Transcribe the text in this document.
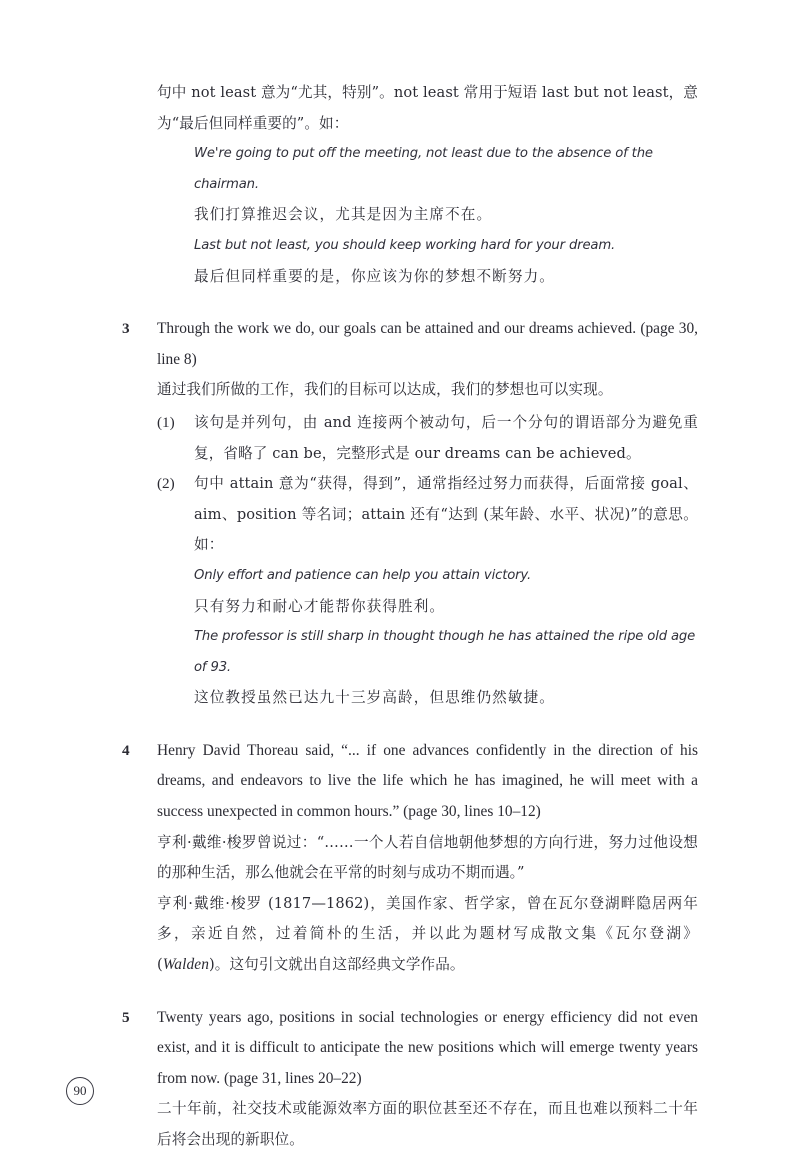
句中 not least 意为“尤其，特别”。not least 常用于短语 last but not least，意为“最后但同样重要的”。如：

We're going to put off the meeting, not least due to the absence of the chairman.

我们打算推迟会议，尤其是因为主席不在。

Last but not least, you should keep working hard for your dream.

最后但同样重要的是，你应该为你的梦想不断努力。

3 Through the work we do, our goals can be attained and our dreams achieved. (page 30, line 8)

通过我们所做的工作，我们的目标可以达成，我们的梦想也可以实现。

(1) 该句是并列句，由 and 连接两个被动句，后一个分句的谓语部分为避免重复，省略了 can be，完整形式是 our dreams can be achieved。

(2) 句中 attain 意为“获得，得到”，通常指经过努力而获得，后面常接 goal、aim、position 等名词；attain 还有“达到 (某年龄、水平、状况)”的意思。如：

Only effort and patience can help you attain victory.

只有努力和耐心才能帮你获得胜利。

The professor is still sharp in thought though he has attained the ripe old age of 93.

这位教授虽然已达九十三岁高龄，但思维仍然敏捷。

4 Henry David Thoreau said, “... if one advances confidently in the direction of his dreams, and endeavors to live the life which he has imagined, he will meet with a success unexpected in common hours.” (page 30, lines 10–12)

亨利·戴维·梭罗曾说过：“……一个人若自信地朝他梦想的方向行进，努力过他设想的那种生活，那么他就会在平常的时刻与成功不期而遇。”

亨利·戴维·梭罗 (1817—1862)，美国作家、哲学家，曾在瓦尔登湖畔隐居两年多，亲近自然，过着简朴的生活，并以此为题材写成散文集《瓦尔登湖》(Walden)。这句引文就出自这部经典文学作品。

5 Twenty years ago, positions in social technologies or energy efficiency did not even exist, and it is difficult to anticipate the new positions which will emerge twenty years from now. (page 31, lines 20–22)

二十年前，社交技术或能源效率方面的职位甚至还不存在，而且也难以预料二十年后将会出现的新职位。

90
